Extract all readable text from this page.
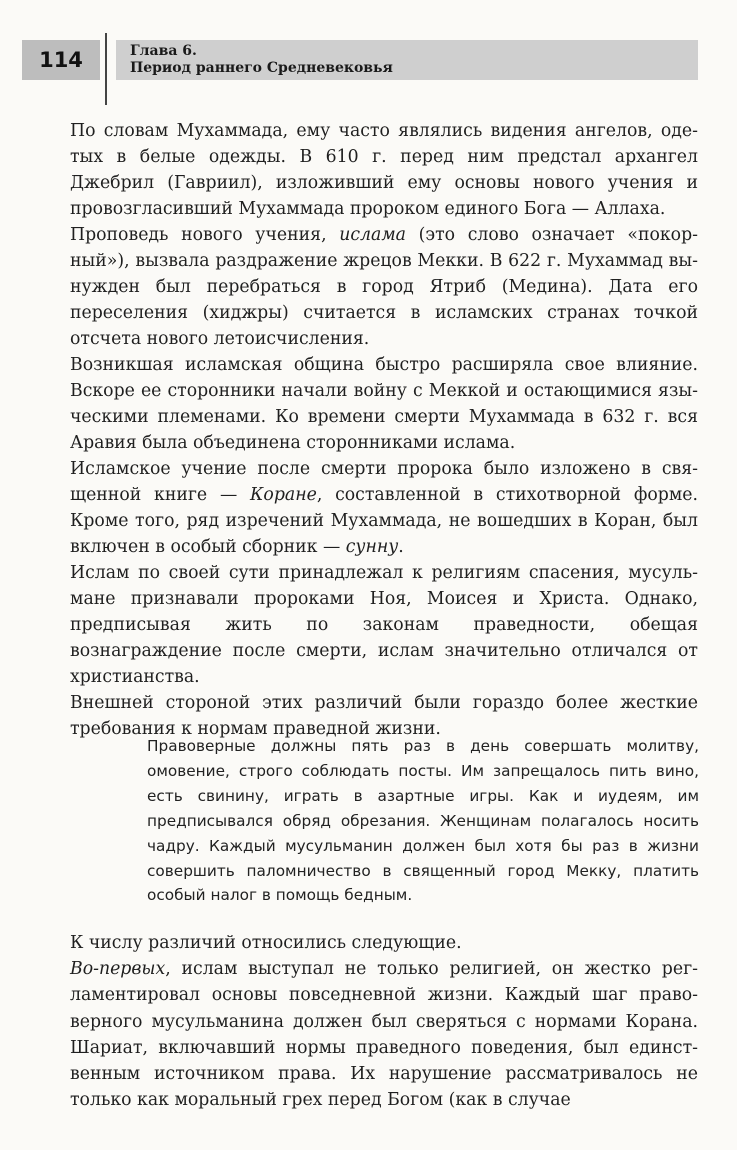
114	Глава 6.
Период раннего Средневековья

По словам Мухаммада, ему часто являлись видения ангелов, одетых в белые одежды. В 610 г. перед ним предстал архангел Джебрил (Гавриил), изложивший ему основы нового учения и провозгласивший Мухаммада пророком единого Бога — Аллаха.

Проповедь нового учения, ислама (это слово означает «покорный»), вызвала раздражение жрецов Мекки. В 622 г. Мухаммад вынужден был перебраться в город Ятриб (Медина). Дата его переселения (хиджры) считается в исламских странах точкой отсчета нового летоисчисления.

Возникшая исламская община быстро расширяла свое влияние. Вскоре ее сторонники начали войну с Меккой и остающимися языческими племенами. Ко времени смерти Мухаммада в 632 г. вся Аравия была объединена сторонниками ислама.

Исламское учение после смерти пророка было изложено в священной книге — Коране, составленной в стихотворной форме. Кроме того, ряд изречений Мухаммада, не вошедших в Коран, был включен в особый сборник — сунну.

Ислам по своей сути принадлежал к религиям спасения, мусульмане признавали пророками Ноя, Моисея и Христа. Однако, предписывая жить по законам праведности, обещая вознаграждение после смерти, ислам значительно отличался от христианства.

Внешней стороной этих различий были гораздо более жесткие требования к нормам праведной жизни.

Правоверные должны пять раз в день совершать молитву, омовение, строго соблюдать посты. Им запрещалось пить вино, есть свинину, играть в азартные игры. Как и иудеям, им предписывался обряд обрезания. Женщинам полагалось носить чадру. Каждый мусульманин должен был хотя бы раз в жизни совершить паломничество в священный город Мекку, платить особый налог в помощь бедным.

К числу различий относились следующие.

Во-первых, ислам выступал не только религией, он жестко регламентировал основы повседневной жизни. Каждый шаг правоверного мусульманина должен был сверяться с нормами Корана. Шариат, включавший нормы праведного поведения, был единственным источником права. Их нарушение рассматривалось не только как моральный грех перед Богом (как в случае
